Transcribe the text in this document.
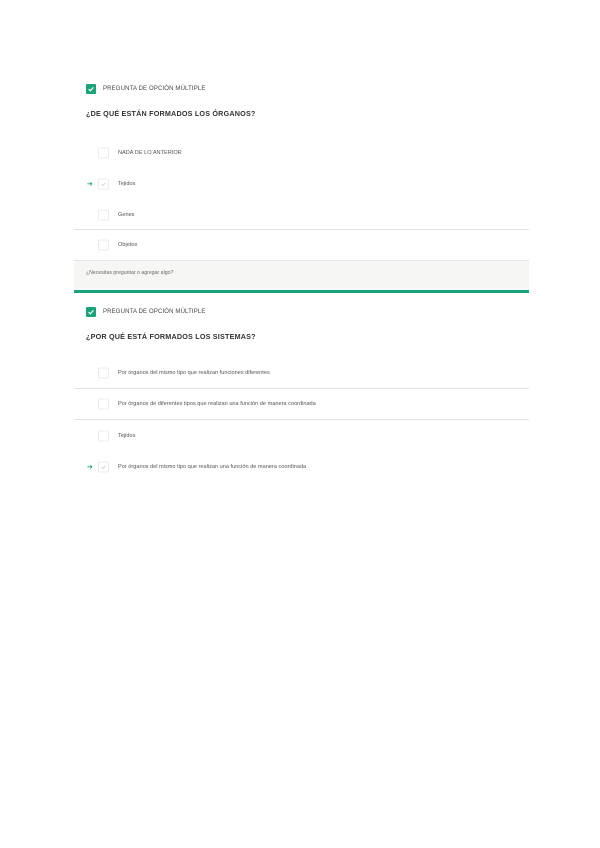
PREGUNTA DE OPCIÓN MÚLTIPLE
¿DE QUÉ ESTÁN FORMADOS LOS ÓRGANOS?
NADA DE LO ANTERIOR
➔	Tejidos
Genes
Objetos
¿Necesitas preguntar o agregar algo?
PREGUNTA DE OPCIÓN MÚLTIPLE
¿POR QUÉ ESTÁ FORMADOS LOS SISTEMAS?
Por órganos del mismo tipo que realizan funciones diferentes
Por órganos de diferentes tipos que realizan una función de manera coordinada
Tejidos
➔	Por órganos del mismo tipo que realizan una función de manera coordinada
